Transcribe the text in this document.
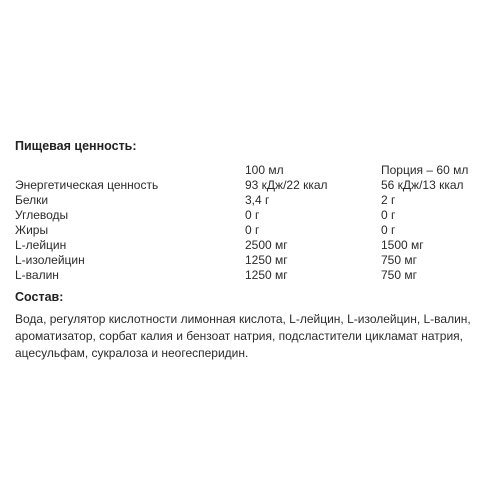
Пищевая ценность:
100 мл	Порция – 60 мл
Энергетическая ценность	93 кДж/22 ккал	56 кДж/13 ккал
Белки	3,4 г	2 г
Углеводы	0 г	0 г
Жиры	0 г	0 г
L-лейцин	2500 мг	1500 мг
L-изолейцин	1250 мг	750 мг
L-валин	1250 мг	750 мг
Состав:
Вода, регулятор кислотности лимонная кислота, L-лейцин, L-изолейцин, L-валин, ароматизатор, сорбат калия и бензоат натрия, подсластители цикламат натрия, ацесульфам, сукралоза и неогесперидин.
